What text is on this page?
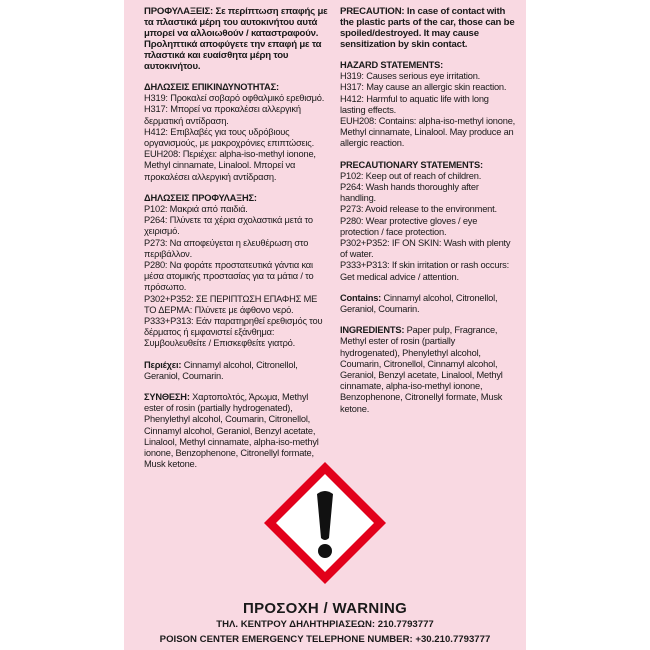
ΠΡΟΦΥΛΑΞΕΙΣ: Σε περίπτωση επαφής με τα πλαστικά μέρη του αυτοκινήτου αυτά μπορεί να αλλοιωθούν / καταστραφούν. Προληπτικά αποφύγετε την επαφή με τα πλαστικά και ευαίσθητα μέρη του αυτοκινήτου.
ΔΗΛΩΣΕΙΣ ΕΠΙΚΙΝΔΥΝΟΤΗΤΑΣ:
H319: Προκαλεί σοβαρό οφθαλμικό ερεθισμό.
H317: Μπορεί να προκαλέσει αλλεργική δερματική αντίδραση.
H412: Επιβλαβές για τους υδρόβιους οργανισμούς, με μακροχρόνιες επιπτώσεις.
EUH208: Περιέχει: alpha-iso-methyl ionone, Methyl cinnamate, Linalool. Μπορεί να προκαλέσει αλλεργική αντίδραση.
ΔΗΛΩΣΕΙΣ ΠΡΟΦΥΛΑΞΗΣ:
P102: Μακριά από παιδιά.
P264: Πλύνετε τα χέρια σχολαστικά μετά το χειρισμό.
P273: Να αποφεύγεται η ελευθέρωση στο περιβάλλον.
P280: Να φοράτε προστατευτικά γάντια και μέσα ατομικής προστασίας για τα μάτια / το πρόσωπο.
P302+P352: ΣΕ ΠΕΡΙΠΤΩΣΗ ΕΠΑΦΗΣ ΜΕ ΤΟ ΔΕΡΜΑ: Πλύνετε με άφθονο νερό.
P333+P313: Εάν παρατηρηθεί ερεθισμός του δέρματος ή εμφανιστεί εξάνθημα: Συμβουλευθείτε / Επισκεφθείτε γιατρό.
Περιέχει: Cinnamyl alcohol, Citronellol, Geraniol, Coumarin.
ΣΥΝΘΕΣΗ: Χαρτοπολτός, Άρωμα, Methyl ester of rosin (partially hydrogenated), Phenylethyl alcohol, Coumarin, Citronellol, Cinnamyl alcohol, Geraniol, Benzyl acetate, Linalool, Methyl cinnamate, alpha-iso-methyl ionone, Benzophenone, Citronellyl formate, Musk ketone.
PRECAUTION: In case of contact with the plastic parts of the car, those can be spoiled/destroyed. It may cause sensitization by skin contact.
HAZARD STATEMENTS:
H319: Causes serious eye irritation.
H317: May cause an allergic skin reaction.
H412: Harmful to aquatic life with long lasting effects.
EUH208: Contains: alpha-iso-methyl ionone, Methyl cinnamate, Linalool. May produce an allergic reaction.
PRECAUTIONARY STATEMENTS:
P102: Keep out of reach of children.
P264: Wash hands thoroughly after handling.
P273: Avoid release to the environment.
P280: Wear protective gloves / eye protection / face protection.
P302+P352: IF ON SKIN: Wash with plenty of water.
P333+P313: If skin irritation or rash occurs: Get medical advice / attention.
Contains: Cinnamyl alcohol, Citronellol, Geraniol, Coumarin.
INGREDIENTS: Paper pulp, Fragrance, Methyl ester of rosin (partially hydrogenated), Phenylethyl alcohol, Coumarin, Citronellol, Cinnamyl alcohol, Geraniol, Benzyl acetate, Linalool, Methyl cinnamate, alpha-iso-methyl ionone, Benzophenone, Citronellyl formate, Musk ketone.
ΠΡΟΣΟΧΗ / WARNING
ΤΗΛ. ΚΕΝΤΡΟΥ ΔΗΛΗΤΗΡΙΑΣΕΩΝ: 210.7793777
POISON CENTER EMERGENCY TELEPHONE NUMBER: +30.210.7793777
